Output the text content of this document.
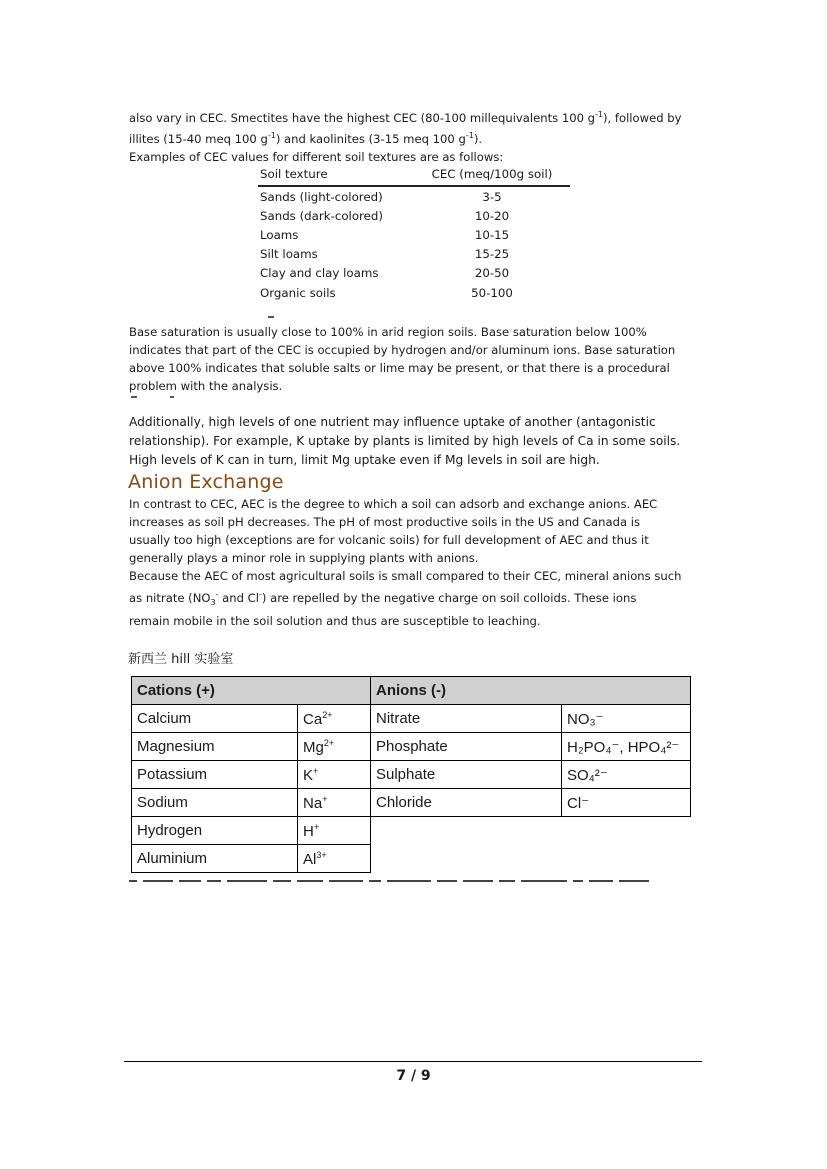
also vary in CEC. Smectites have the highest CEC (80-100 millequivalents 100 $g^{-1}$), followed by
illites (15-40 meq 100 $g^{-1}$) and kaolinites (3-15 meq 100 $g^{-1}$).
Examples of CEC values for different soil textures are as follows:

Soil texture	CEC (meq/100g soil)
Sands (light-colored)	3-5
Sands (dark-colored)	10-20
Loams	10-15
Silt loams	15-25
Clay and clay loams	20-50
Organic soils	50-100

Base saturation is usually close to 100% in arid region soils. Base saturation below 100%
indicates that part of the CEC is occupied by hydrogen and/or aluminum ions. Base saturation
above 100% indicates that soluble salts or lime may be present, or that there is a procedural
problem with the analysis.

Additionally, high levels of one nutrient may influence uptake of another (antagonistic
relationship). For example, K uptake by plants is limited by high levels of Ca in some soils.
High levels of K can in turn, limit Mg uptake even if Mg levels in soil are high.

Anion Exchange

In contrast to CEC, AEC is the degree to which a soil can adsorb and exchange anions. AEC
increases as soil pH decreases. The pH of most productive soils in the US and Canada is
usually too high (exceptions are for volcanic soils) for full development of AEC and thus it
generally plays a minor role in supplying plants with anions.
Because the AEC of most agricultural soils is small compared to their CEC, mineral anions such

as nitrate ($NO_3^-$ and Cl-) are repelled by the negative charge on soil colloids. These ions
remain mobile in the soil solution and thus are susceptible to leaching.

新西兰 hill 实验室
Cations (+)		Anions (-)	
Calcium	$Ca^{2+}$	Nitrate	NO₃⁻
Magnesium	$Mg^{2+}$	Phosphate	H₂PO₄⁻, HPO₄²⁻
Potassium	K+	Sulphate	SO₄²⁻
Sodium	Na+	Chloride	Cl⁻
Hydrogen	H+	
Aluminium	$Al^{3+}$	
7 / 9
